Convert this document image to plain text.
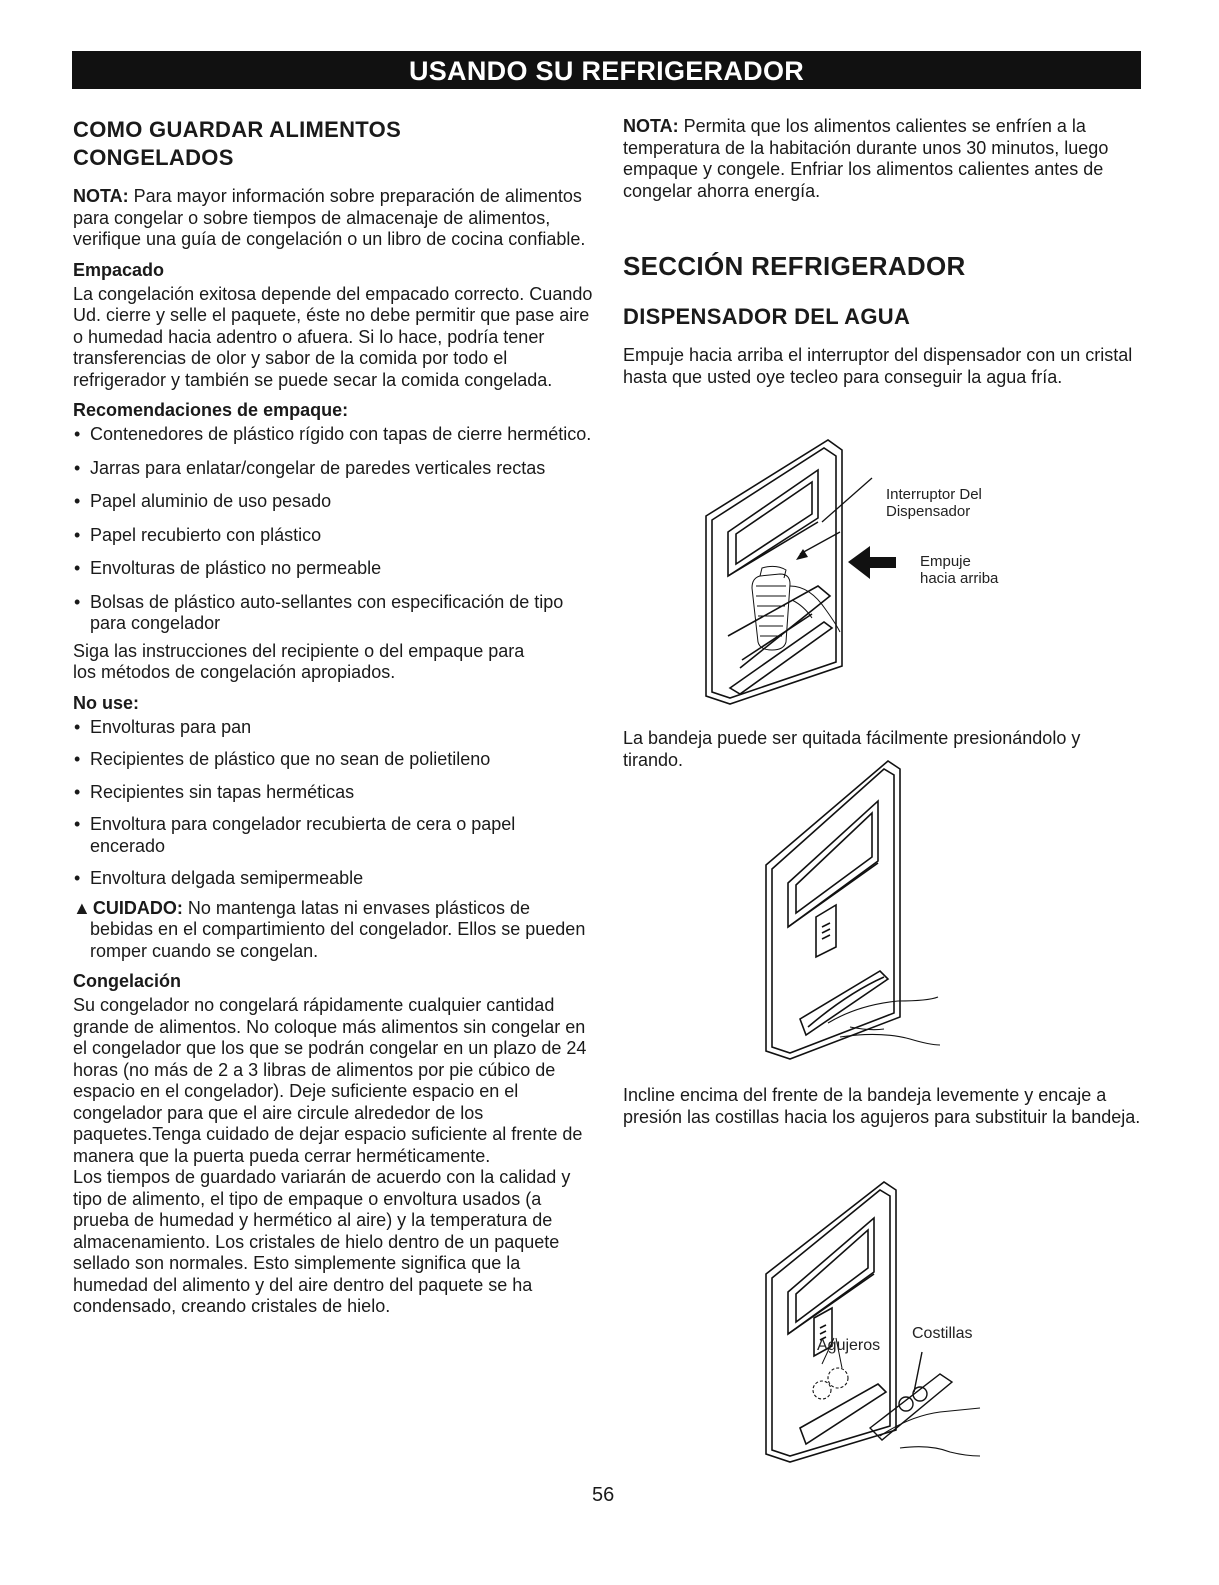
USANDO SU REFRIGERADOR
COMO GUARDAR ALIMENTOS
CONGELADOS

NOTA: Para mayor información sobre preparación de alimentos para congelar o sobre tiempos de almacenaje de alimentos, verifique una guía de congelación o un libro de cocina confiable.

Empacado

La congelación exitosa depende del empacado correcto. Cuando Ud. cierre y selle el paquete, éste no debe permitir que pase aire o humedad hacia adentro o afuera. Si lo hace, podría tener transferencias de olor y sabor de la comida por todo el refrigerador y también se puede secar la comida congelada.

Recomendaciones de empaque:
• Contenedores de plástico rígido con tapas de cierre hermético.
• Jarras para enlatar/congelar de paredes verticales rectas
• Papel aluminio de uso pesado
• Papel recubierto con plástico
• Envolturas de plástico no permeable
• Bolsas de plástico auto-sellantes con especificación de tipo para congelador

Siga las instrucciones del recipiente o del empaque para
los métodos de congelación apropiados.

No use:
• Envolturas para pan
• Recipientes de plástico que no sean de polietileno
• Recipientes sin tapas herméticas
• Envoltura para congelador recubierta de cera o papel encerado
• Envoltura delgada semipermeable

▲ CUIDADO: No mantenga latas ni envases plásticos de bebidas en el compartimiento del congelador. Ellos se pueden romper cuando se congelan.

Congelación

Su congelador no congelará rápidamente cualquier cantidad grande de alimentos. No coloque más alimentos sin congelar en el congelador que los que se podrán congelar en un plazo de 24 horas (no más de 2 a 3 libras de alimentos por pie cúbico de espacio en el congelador). Deje suficiente espacio en el congelador para que el aire circule alrededor de los paquetes.Tenga cuidado de dejar espacio suficiente al frente de manera que la puerta pueda cerrar herméticamente.

Los tiempos de guardado variarán de acuerdo con la calidad y tipo de alimento, el tipo de empaque o envoltura usados (a prueba de humedad y hermético al aire) y la temperatura de almacenamiento. Los cristales de hielo dentro de un paquete sellado son normales. Esto simplemente significa que la humedad del alimento y del aire dentro del paquete se ha condensado, creando cristales de hielo.

NOTA: Permita que los alimentos calientes se enfríen a la temperatura de la habitación durante unos 30 minutos, luego empaque y congele. Enfriar los alimentos calientes antes de congelar ahorra energía.

SECCIÓN REFRIGERADOR
DISPENSADOR DEL AGUA

Empuje hacia arriba el interruptor del dispensador con un cristal hasta que usted oye tecleo para conseguir la agua fría.

Interruptor Del
Dispensador
Empuje
hacia arriba

La bandeja puede ser quitada fácilmente presionándolo y tirando.

Incline encima del frente de la bandeja levemente y encaje a presión las costillas hacia los agujeros para substituir la bandeja.

Agujeros
Costillas
56
